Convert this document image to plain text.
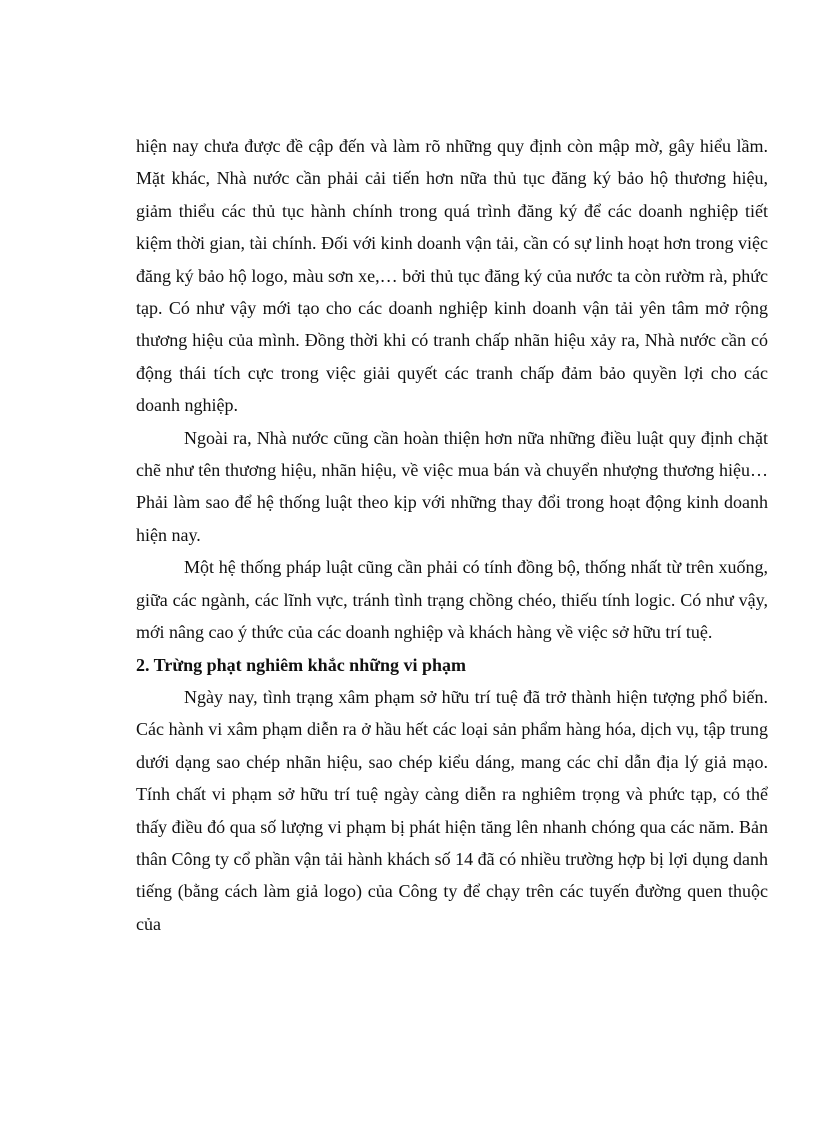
hiện nay chưa được đề cập đến và làm rõ những quy định còn mập mờ, gây hiểu lầm. Mặt khác, Nhà nước cần phải cải tiến hơn nữa thủ tục đăng ký bảo hộ thương hiệu, giảm thiểu các thủ tục hành chính trong quá trình đăng ký để các doanh nghiệp tiết kiệm thời gian, tài chính. Đối với kinh doanh vận tải, cần có sự linh hoạt hơn trong việc đăng ký bảo hộ logo, màu sơn xe,… bởi thủ tục đăng ký của nước ta còn rườm rà, phức tạp. Có như vậy mới tạo cho các doanh nghiệp kinh doanh vận tải yên tâm mở rộng thương hiệu của mình. Đồng thời khi có tranh chấp nhãn hiệu xảy ra, Nhà nước cần có động thái tích cực trong việc giải quyết các tranh chấp đảm bảo quyền lợi cho các doanh nghiệp.

Ngoài ra, Nhà nước cũng cần hoàn thiện hơn nữa những điều luật quy định chặt chẽ như tên thương hiệu, nhãn hiệu, về việc mua bán và chuyển nhượng thương hiệu… Phải làm sao để hệ thống luật theo kịp với những thay đổi trong hoạt động kinh doanh hiện nay.

Một hệ thống pháp luật cũng cần phải có tính đồng bộ, thống nhất từ trên xuống, giữa các ngành, các lĩnh vực, tránh tình trạng chồng chéo, thiếu tính logic. Có như vậy, mới nâng cao ý thức của các doanh nghiệp và khách hàng về việc sở hữu trí tuệ.

2. Trừng phạt nghiêm khắc những vi phạm

Ngày nay, tình trạng xâm phạm sở hữu trí tuệ đã trở thành hiện tượng phổ biến. Các hành vi xâm phạm diễn ra ở hầu hết các loại sản phẩm hàng hóa, dịch vụ, tập trung dưới dạng sao chép nhãn hiệu, sao chép kiểu dáng, mang các chỉ dẫn địa lý giả mạo. Tính chất vi phạm sở hữu trí tuệ ngày càng diễn ra nghiêm trọng và phức tạp, có thể thấy điều đó qua số lượng vi phạm bị phát hiện tăng lên nhanh chóng qua các năm. Bản thân Công ty cổ phần vận tải hành khách số 14 đã có nhiều trường hợp bị lợi dụng danh tiếng (bằng cách làm giả logo) của Công ty để chạy trên các tuyến đường quen thuộc của
